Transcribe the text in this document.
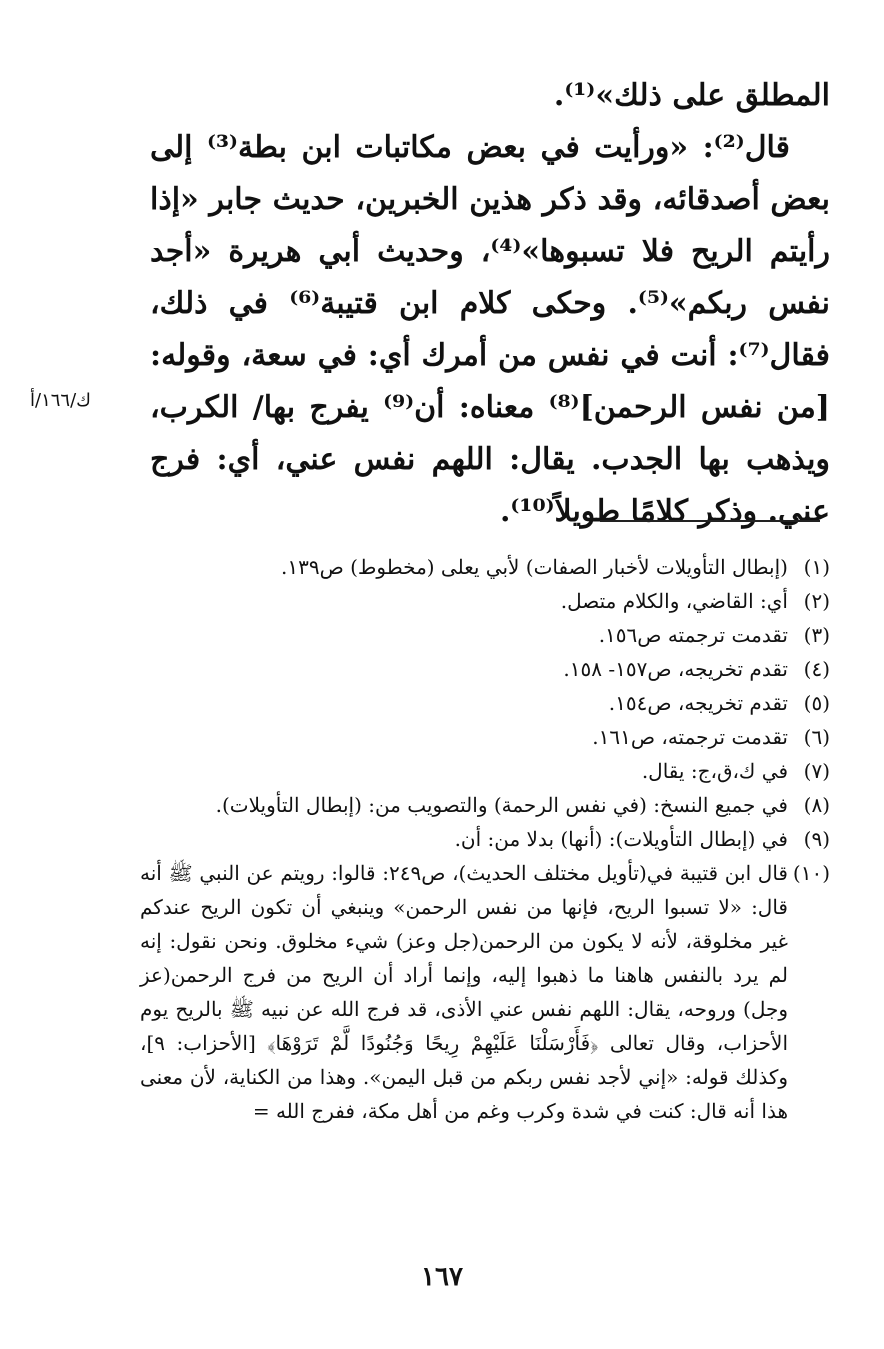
المطلق على ذلك»⁽¹⁾.

قال⁽²⁾: «ورأيت في بعض مكاتبات ابن بطة⁽³⁾ إلى بعض أصدقائه، وقد ذكر هذين الخبرين، حديث جابر «إذا رأيتم الريح فلا تسبوها»⁽⁴⁾، وحديث أبي هريرة «أجد نفس ربكم»⁽⁵⁾. وحكى كلام ابن قتيبة⁽⁶⁾ في ذلك، فقال⁽⁷⁾: أنت في نفس من أمرك أي: في سعة، وقوله: [من نفس الرحمن]⁽⁸⁾ معناه: أن⁽⁹⁾ يفرج بها/ الكرب، ويذهب بها الجدب. يقال: اللهم نفس عني، أي: فرج عني. وذكر كلامًا طويلاً⁽¹⁰⁾.

ك/١٦٦/أ
(١)
(إبطال التأويلات لأخبار الصفات) لأبي يعلى (مخطوط) ص١٣٩.
(٢)
أي: القاضي، والكلام متصل.
(٣)
تقدمت ترجمته ص١٥٦.
(٤)
تقدم تخريجه، ص١٥٧- ١٥٨.
(٥)
تقدم تخريجه، ص١٥٤.
(٦)
تقدمت ترجمته، ص١٦١.
(٧)
في ك،ق،ج: يقال.
(٨)
في جميع النسخ: (في نفس الرحمة) والتصويب من: (إبطال التأويلات).
(٩)
في (إبطال التأويلات): (أنها) بدلا من: أن.
(١٠)
قال ابن قتيبة في(تأويل مختلف الحديث)، ص٢٤٩: قالوا: رويتم عن النبي ﷺ أنه قال: «لا تسبوا الريح، فإنها من نفس الرحمن» وينبغي أن تكون الريح عندكم غير مخلوقة، لأنه لا يكون من الرحمن(جل وعز) شيء مخلوق. ونحن نقول: إنه لم يرد بالنفس هاهنا ما ذهبوا إليه، وإنما أراد أن الريح من فرج الرحمن(عز وجل) وروحه، يقال: اللهم نفس عني الأذى، قد فرج الله عن نبيه ﷺ بالريح يوم الأحزاب، وقال تعالى ﴿فَأَرْسَلْنَا عَلَيْهِمْ رِيحًا وَجُنُودًا لَّمْ تَرَوْهَا﴾ [الأحزاب: ٩]، وكذلك قوله: «إني لأجد نفس ربكم من قبل اليمن». وهذا من الكناية، لأن معنى هذا أنه قال: كنت في شدة وكرب وغم من أهل مكة، ففرج الله =
١٦٧
